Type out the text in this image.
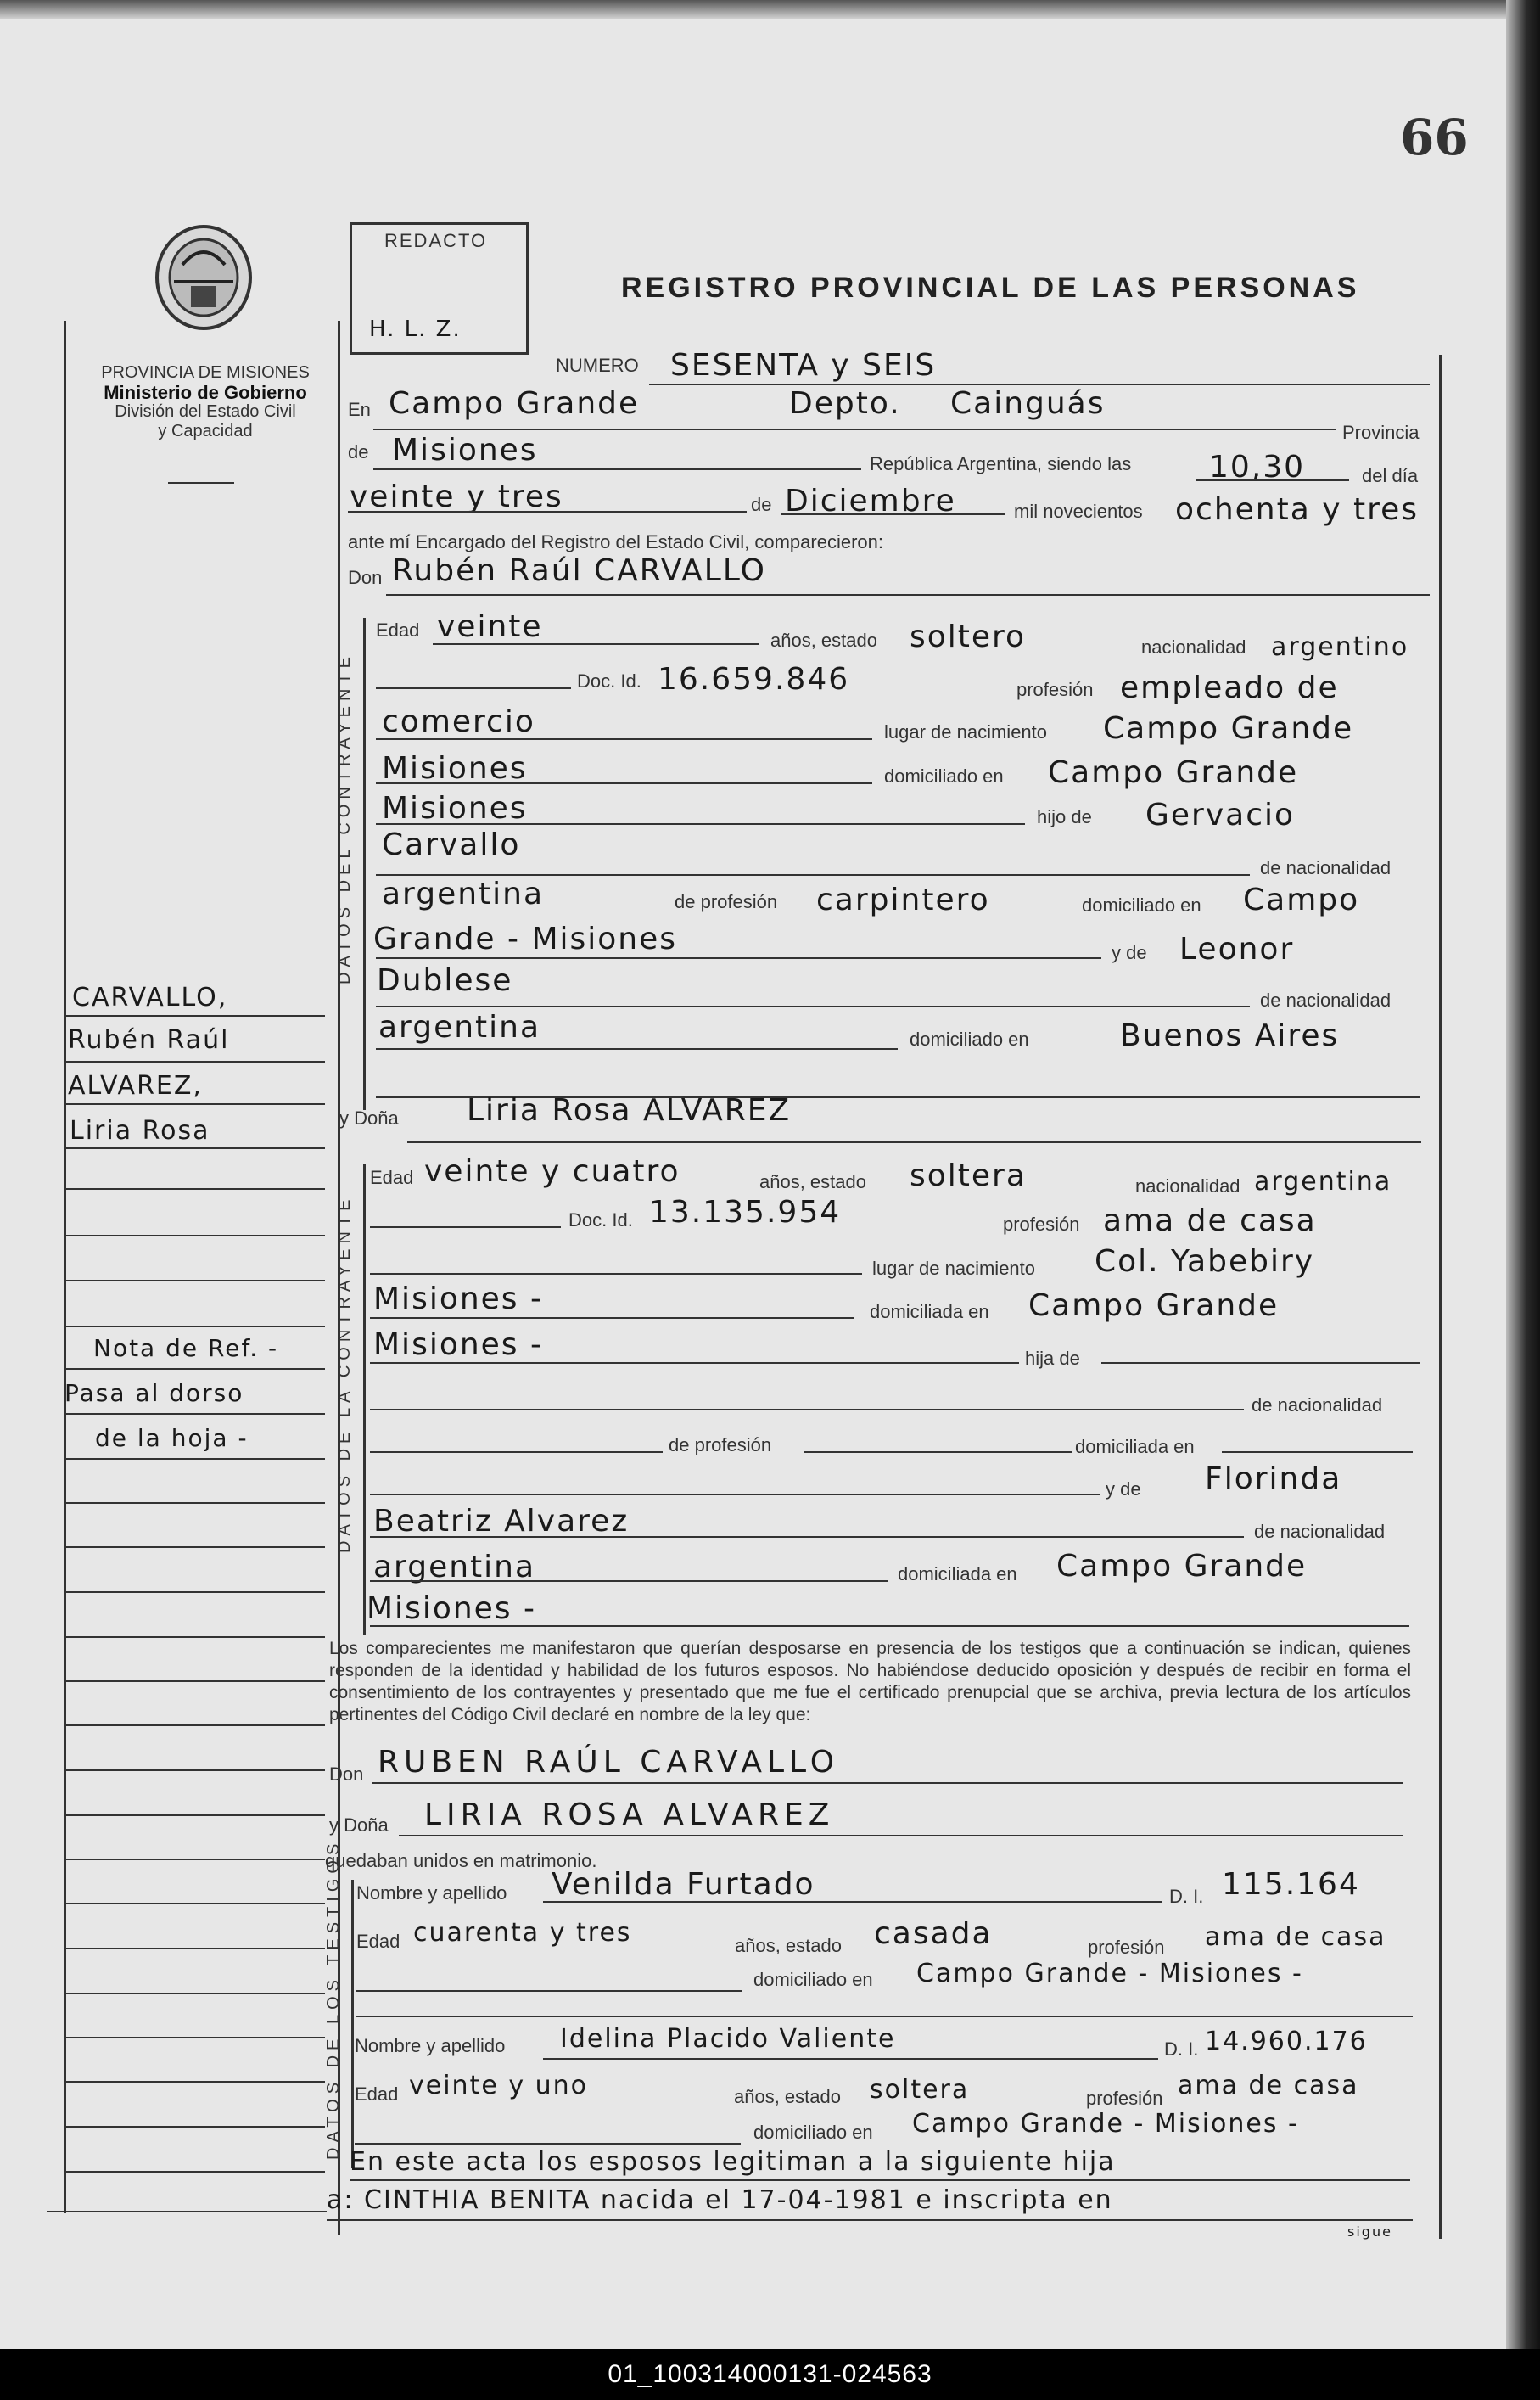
66
PROVINCIA DE MISIONES
Ministerio de Gobierno
División del Estado Civil
y Capacidad
REDACTO
H. L. Z.
REGISTRO PROVINCIAL DE LAS PERSONAS
NUMERO SESENTA y SEIS
En Campo Grande	Depto. Cainguás
Provincia
de Misiones	República Argentina, siendo las	10,30	del día
veinte y tres	de Diciembre	mil novecientos ochenta y tres
ante mí Encargado del Registro del Estado Civil, comparecieron:
Don Rubén Raúl CARVALLO
DATOS DEL CONTRAYENTE
Edad veinte	años, estado soltero	nacionalidad argentino
Doc. Id. 16.659.846	profesión empleado de
comercio	lugar de nacimiento Campo Grande
Misiones	domiciliado en Campo Grande
Misiones	hijo de Gervacio
Carvallo
de nacionalidad
argentina	de profesión carpintero	domiciliado en Campo
Grande - Misiones	y de Leonor
Dublese
de nacionalidad
argentina	domiciliado en	Buenos Aires
y Doña Liria Rosa ALVAREZ
DATOS DE LA CONTRAYENTE
Edad veinte y cuatro	años, estado soltera	nacionalidad argentina
Doc. Id. 13.135.954	profesión ama de casa
lugar de nacimiento Col. Yabebiry
Misiones -	domiciliada en Campo Grande
Misiones -	hija de
de nacionalidad
de profesión	domiciliada en
y de Florinda
Beatriz Alvarez	de nacionalidad
argentina	domiciliada en Campo Grande
Misiones -
Los comparecientes me manifestaron que querían desposarse en presencia de los testigos que a continuación se indican, quienes responden de la identidad y habilidad de los futuros esposos. No habiéndose deducido oposición y después de recibir en forma el consentimiento de los contrayentes y presentado que me fue el certificado prenupcial que se archiva, previa lectura de los artículos pertinentes del Código Civil declaré en nombre de la ley que:
Don RUBEN RAÚL CARVALLO
y Doña LIRIA ROSA ALVAREZ
quedaban unidos en matrimonio.
DATOS DE LOS TESTIGOS Nombre y apellido Venilda Furtado	D. I. 115.164
Edad cuarenta y tres	años, estado casada	profesión ama de casa
domiciliado en Campo Grande - Misiones -
Nombre y apellido Idelina Placido Valiente	D. I. 14.960.176
Edad veinte y uno	años, estado soltera	profesión ama de casa
domiciliado en Campo Grande - Misiones -
En este acta los esposos legitiman a la siguiente hija
a: CINTHIA BENITA nacida el 17-04-1981 e inscripta en
sigue
CARVALLO,
Rubén Raúl
ALVAREZ,
Liria Rosa
Nota de Ref. -
Pasa al dorso
de la hoja -
01_100314000131-024563
